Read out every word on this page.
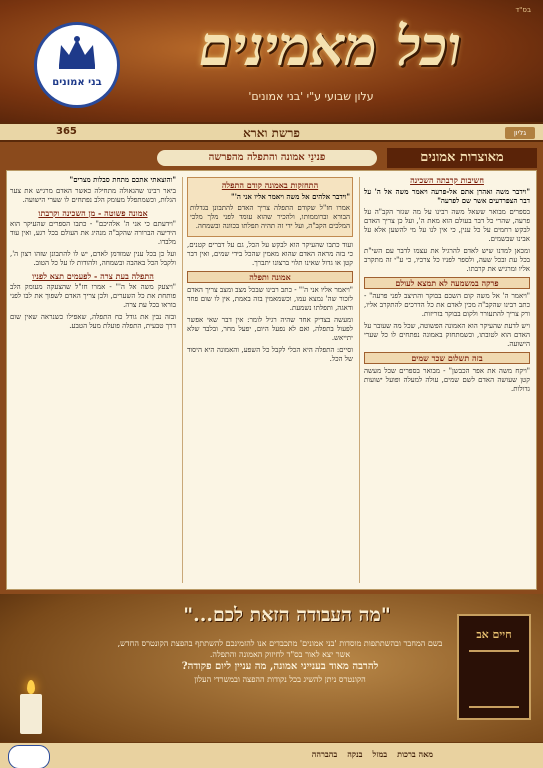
בני אמונים
בס"ד
וכל מאמינים
עלון שבועי ע"י 'בני אמונים'
גליון
פרשת וארא
365
מאוצרות אמונים
פנינֵי אמונה והתפלה מהפרשה
חשיבות קרבתה השכינה

"וידבר משה ואהרן אתם אל-פרעה ויאמר משה אל ה' על דבר הצפרדעים אשר שם לפרעה"

בספרים מבואר ששאל משה רבינו על מה שגזר הקב"ה על פרעה, שהרי כל דבר בעולם הוא מאת ה', ועל כן צריך האדם לבקש רחמים על כל ענין, כי אין לנו על מי להשען אלא על אבינו שבשמים.

ומכאן למדנו שיש לאדם להרגיל את עצמו לדבר עם השי"ת בכל עת ובכל שעה, ולספר לפניו כל צרכיו, כי ע"י זה מתקרב אליו ומרגיש את קרבתו.

פרקה במשמעה לא תמצא לעולם

"ויאמר ה' אל משה קום השכם בבוקר והתיצב לפני פרעה" - כתב רבינו שהקב"ה מכין לאדם את כל הדרכים להתקרב אליו, ורק צריך להתעורר ולקום בבוקר בזריזות.

ויש לדעת שהעיקר הוא האמונה הפשוטה, שכל מה שעובר על האדם הוא לטובתו, וכשמתחזק באמונה נפתחים לו כל שערי הישועה.

בזה תשלום שכר שמים

"ויקח משה את אפר הכבשן" - מבואר בספרים שכל מעשה קטן שעושה האדם לשם שמים, עולה למעלה ופועל ישועות גדולות.

התחזקות באמונה קודם התפלה

"וידבר אלהים אל משה ויאמר אליו אני ה'"

אמרו חז"ל שקודם התפלה צריך האדם להתבונן בגדלות הבורא וברוממותו, ולהכיר שהוא עומד לפני מלך מלכי המלכים הקב"ה, ועל ידי זה תהיה תפלתו בכוונה ובשמחה.

ועוד כתבו שהעיקר הוא לבקש על הכל, גם על דברים קטנים, כי בזה מראה האדם שהוא מאמין שהכל בידי שמים, ואין דבר קטן או גדול שאינו תלוי ברצונו יתברך.

אמונה ותפלה

"ויאמר אליו אני ה'" - כתב רבינו שבכל מצב ומצב צריך האדם לזכור שה' נמצא עמו, וכשמאמין בזה באמת, אין לו שום פחד ודאגה, ותפלתו נשמעת.

ומעשה בצדיק אחד שהיה רגיל לומר: אין דבר שאי אפשר לפעול בתפלה, ואם לא נפעל היום, יפעל מחר, ובלבד שלא יתייאש.

וסיים: התפלה היא הכלי לקבל כל השפע, והאמונה היא היסוד של הכל.

"והוצאתי אתכם מתחת סבלות מצרים"

ביאר רבינו שהגאולה מתחילה כאשר האדם מרגיש את צער הגלות, וכשמתפלל מעומק הלב נפתחים לו שערי הישועה.

אמונה פשוטה - מן השכינה וקרבתו

"וידעתם כי אני ה' אלהיכם" - כתבו הספרים שהעיקר הוא הידיעה הברורה שהקב"ה מנהיג את העולם בכל רגע, ואין עוד מלבדו.

ועל כן בכל ענין שמזדמן לאדם, יש לו להתבונן שזהו רצון ה', ולקבל הכל באהבה ובשמחה, ולהודות לו על כל הטוב.

התפלה בעת צרה - לפעמים תצא לפניו

"ויצעק משה אל ה'" - אמרו חז"ל שהצעקה מעומק הלב פותחת את כל השערים, ולכן צריך האדם לשפוך את לבו לפני בוראו בכל עת צרה.

ובזה נבין את גודל כח התפלה, שאפילו כשנראה שאין שום דרך טבעית, התפלה פועלת מעל הטבע.

"מה העבודה הזאת לכם..."
בשם המחבר ובהשתתפות מוסדות 'בני אמונים' מתכבדים אנו להזמינכם להשתתף בהפצת הקונטרס החדש, אשר יצא לאור בס"ד לחיזוק האמונה והתפלה.
להרבה מאוד בענייני אמונה, מה עניין ליום פקודה?
הקונטרס ניתן להשיג בכל נקודות ההפצה ובמשרדי העלון
חיים אב
מאה ברכות
במזל
בנקה
בהברהה
